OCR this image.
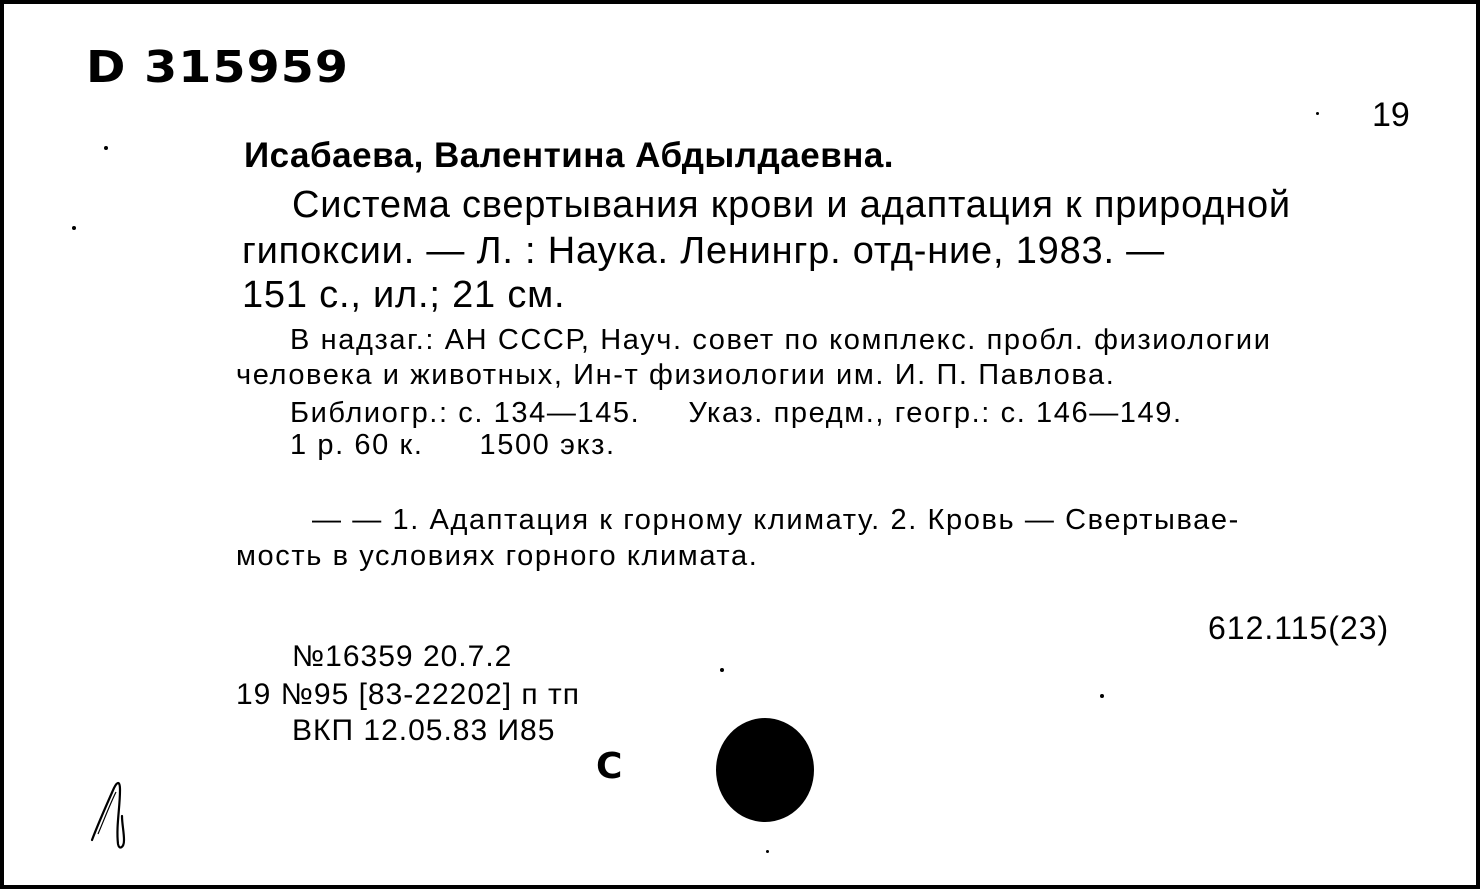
D 315959
19
Исабаева, Валентина Абдылдаевна.
Система свертывания крови и адаптация к природной
гипоксии. — Л. : Наука. Ленингр. отд-ние, 1983. —
151 с., ил.; 21 см.
В надзаг.: АН СССР, Науч. совет по комплекс. пробл. физиологии
человека и животных, Ин-т физиологии им. И. П. Павлова.
Библиогр.: с. 134—145. Указ. предм., геогр.: с. 146—149.
1 р. 60 к. 1500 экз.
— — 1. Адаптация к горному климату. 2. Кровь — Свертывае-
мость в условиях горного климата.
612.115(23)
№16359 20.7.2
19 №95 [83-22202] п тп
ВКП 12.05.83 И85
С
